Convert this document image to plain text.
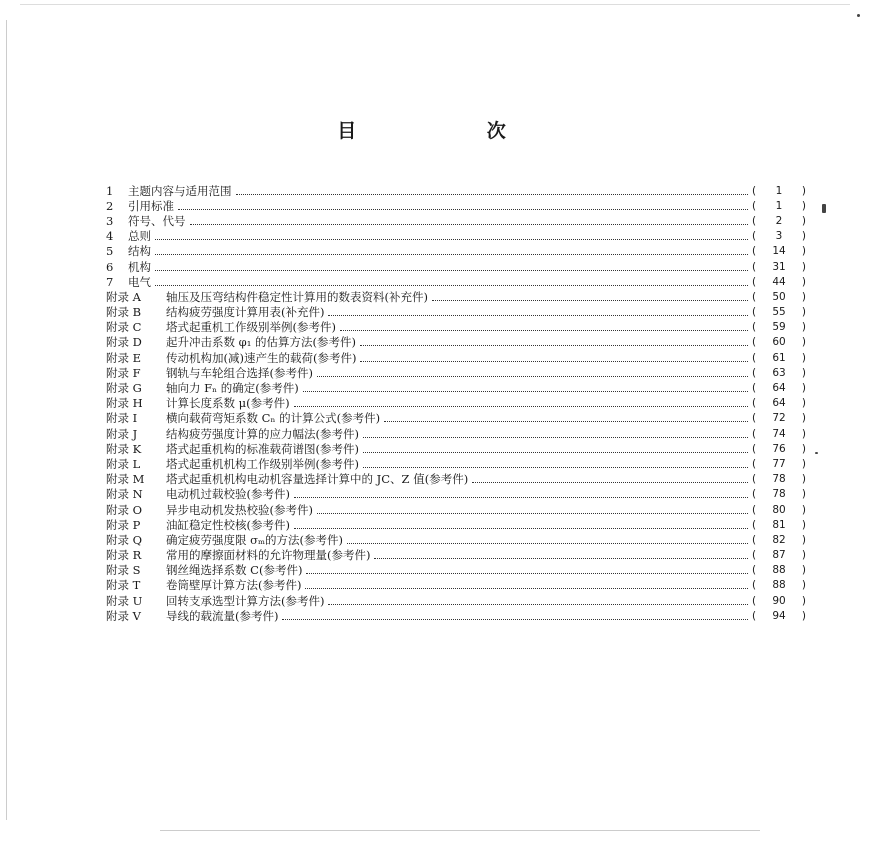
目 次
1	主题内容与适用范围	(	1	)
2	引用标准	(	1	)
3	符号、代号	(	2	)
4	总则	(	3	)
5	结构	(	14	)
6	机构	(	31	)
7	电气	(	44	)
附录 A	轴压及压弯结构件稳定性计算用的数表资料(补充件)	(	50	)
附录 B	结构疲劳强度计算用表(补充件)	(	55	)
附录 C	塔式起重机工作级别举例(参考件)	(	59	)
附录 D	起升冲击系数 φ₁ 的估算方法(参考件)	(	60	)
附录 E	传动机构加(减)速产生的载荷(参考件)	(	61	)
附录 F	钢轨与车轮组合选择(参考件)	(	63	)
附录 G	轴向力 Fₙ 的确定(参考件)	(	64	)
附录 H	计算长度系数 μ(参考件)	(	64	)
附录 I	横向载荷弯矩系数 Cₙ 的计算公式(参考件)	(	72	)
附录 J	结构疲劳强度计算的应力幅法(参考件)	(	74	)
附录 K	塔式起重机构的标准载荷谱图(参考件)	(	76	)
附录 L	塔式起重机机构工作级别举例(参考件)	(	77	)
附录 M	塔式起重机机构电动机容量选择计算中的 JC、Z 值(参考件)	(	78	)
附录 N	电动机过载校验(参考件)	(	78	)
附录 O	异步电动机发热校验(参考件)	(	80	)
附录 P	油缸稳定性校核(参考件)	(	81	)
附录 Q	确定疲劳强度限 σₘ的方法(参考件)	(	82	)
附录 R	常用的摩擦面材料的允许物理量(参考件)	(	87	)
附录 S	钢丝绳选择系数 C(参考件)	(	88	)
附录 T	卷筒壁厚计算方法(参考件)	(	88	)
附录 U	回转支承选型计算方法(参考件)	(	90	)
附录 V	导线的载流量(参考件)	(	94	)
